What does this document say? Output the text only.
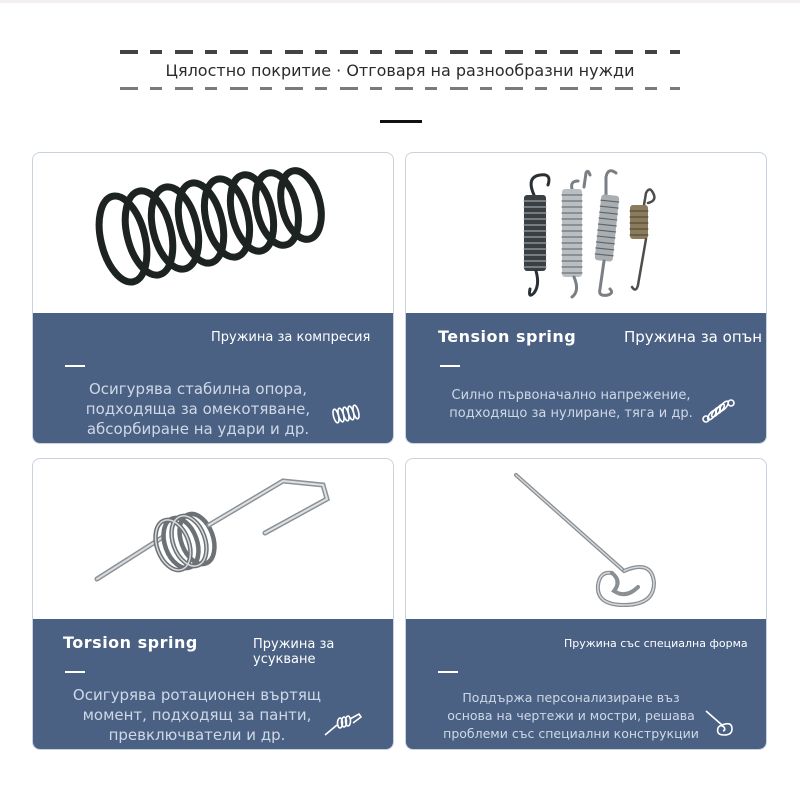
Цялостно покритие · Отговаря на разнообразни нужди
Пружина за компресия
Осигурява стабилна опора, подходяща за омекотяване, абсорбиране на удари и др.
Tension spring	Пружина за опън
Силно първоначално напрежение, подходящо за нулиране, тяга и др.
Torsion spring	Пружина за усукване
Осигурява ротационен въртящ момент, подходящ за панти, превключватели и др.
Пружина със специална форма
Поддържа персонализиране въз основа на чертежи и мостри, решава проблеми със специални конструкции
